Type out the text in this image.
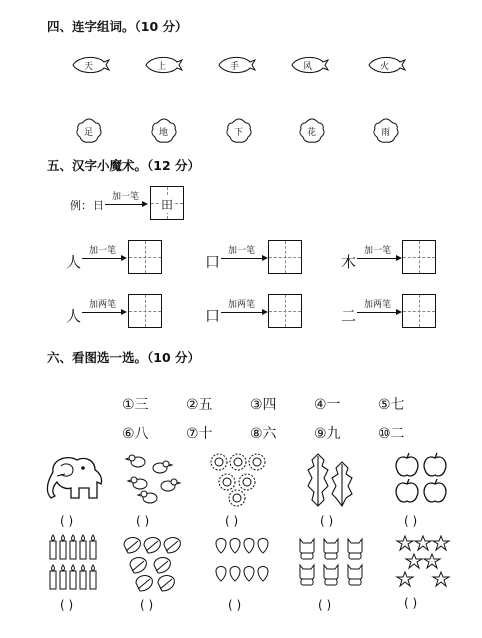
四、连字组词。（10 分）
天	上	手	风	火
足	地	下	花	雨
五、汉字小魔术。（12 分）
例： 日
加一笔
田
人
加一笔
口
加一笔
木
加一笔
人
加两笔
口
加两笔
二
加两笔
六、看图选一选。（10 分）
①三	②五	③四	④一	⑤七
⑥八	⑦十	⑧六	⑨九	⑩二
( )	( )	( )	( )	( )
( )	( )	( )	( )	( )
